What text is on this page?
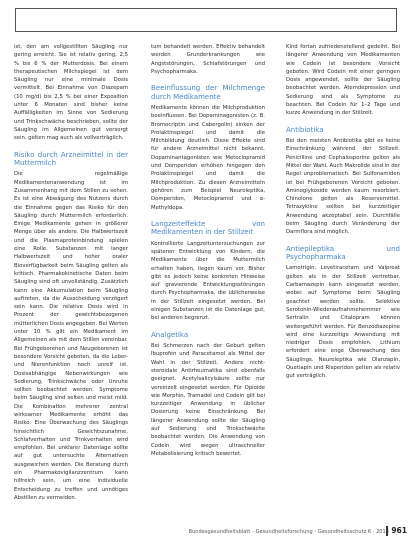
ist, den am vollgestillten Säugling nur gering erreicht. Sie ist relativ gering, 2,5 % bis 6 % der Mutterdosis. Bei einem therapeutischen Milchspiegel ist dem Säugling nur eine minimale Dosis vermittelt. Bei Einnahme von Diazepam (10 mg/d) bis 2,5 % bei einer Exposition unter 6 Monaten sind bisher keine Auffälligkeiten im Sinne von Sedierung und Trinkschwäche beschrieben, sollte der Säugling im Allgemeinen gut versorgt sein. gelten mag auch als vollverträglich.

Risiko durch Arzneimittel in der Muttermilch

Die regelmäßige Medikamentenanwendung ist im Zusammenhang mit dem Stillen zu sehen. Es ist eine Abwägung des Nutzens durch die Einnahme gegen das Risiko für den Säugling durch Muttermilch erforderlich. Einige Medikamente gehen in größerer Menge über als andere. Die Halbwertszeit und die Plasmaproteinbindung spielen eine Rolle. Substanzen mit langer Halbwertszeit und hoher oraler Bioverfügbarkeit beim Säugling gelten als kritisch. Pharmakokinetische Daten beim Säugling sind oft unvollständig. Zusätzlich kann eine Akkumulation beim Säugling auftreten, da die Ausscheidung verzögert sein kann. Die relative Dosis wird in Prozent der gewichtsbezogenen mütterlichen Dosis angegeben. Bei Werten unter 10 % gilt ein Medikament im Allgemeinen als mit dem Stillen vereinbar. Bei Frühgeborenen und Neugeborenen ist besondere Vorsicht geboten, da die Leber- und Nierenfunktion noch unreif ist. Dosisabhängige Nebenwirkungen wie Sedierung, Trinkschwäche oder Unruhe sollten beobachtet werden. Symptome beim Säugling sind selten und meist mild. Die Kombination mehrerer zentral wirksamer Medikamente erhöht das Risiko. Eine Überwachung des Säuglings hinsichtlich Gewichtszunahme, Schlafverhalten und Trinkverhalten wird empfohlen. Bei unklarer Datenlage sollte auf gut untersuchte Alternativen ausgewichen werden. Die Beratung durch ein Pharmakovigilanzzentrum kann hilfreich sein, um eine individuelle Entscheidung zu treffen und unnötiges Abstillen zu vermeiden.

tum behandelt werden. Effektiv behandelt werden Grunderkrankungen wie Angststörungen, Schlafstörungen und Psychopharmaka.

Beeinflussung der Milchmenge durch Medikamente

Medikamente können die Milchproduktion beeinflussen. Bei Dopaminagonisten (z. B. Bromocriptin und Cabergolin) sinken der Prolaktinspiegel und damit die Milchbildung deutlich. Diese Effekte sind für andere Arzneimittel nicht bekannt. Dopaminantagonisten wie Metoclopramid und Domperidon erhöhen hingegen den Prolaktinspiegel und damit die Milchproduktion. Zu diesen Arzneimitteln gehören zum Beispiel Neuroleptika, Domperidon, Metoclopramid und α-Methyldopa.

Langzeiteffekte von Medikamenten in der Stillzeit

Kontrollierte Langzeituntersuchungen zur späteren Entwicklung von Kindern, die Medikamente über die Muttermilch erhalten haben, liegen kaum vor. Bisher gibt es jedoch keine konkreten Hinweise auf gravierende Entwicklungsstörungen durch Psychopharmaka, die üblicherweise in der Stillzeit eingesetzt werden. Bei einigen Substanzen ist die Datenlage gut, bei anderen begrenzt.

Analgetika

Bei Schmerzen nach der Geburt gelten Ibuprofen und Paracetamol als Mittel der Wahl in der Stillzeit. Andere nicht-steroidale Antirheumatika sind ebenfalls geeignet. Acetylsalicylsäure sollte nur vereinzelt eingesetzt werden. Für Opioide wie Morphin, Tramadol und Codein gilt bei kurzzeitiger Anwendung in üblicher Dosierung keine Einschränkung. Bei längerer Anwendung sollte der Säugling auf Sedierung und Trinkschwäche beobachtet werden. Die Anwendung von Codein wird wegen ultraschneller Metabolisierung kritisch bewertet.

Kind fortan zufriedenstellend gedeiht. Bei längerer Anwendung von Medikamenten wie Codein ist besondere Vorsicht geboten. Wird Codein mit einer geringen Dosis angewendet, sollte der Säugling beobachtet werden. Atemdepression und Sedierung sind als Symptome zu beachten. Bei Codein für 1–2 Tage und kurze Anwendung in der Stillzeit.

Antibiotika

Bei den meisten Antibiotika gibt es keine Einschränkung während der Stillzeit. Penicilline und Cephalosporine gelten als Mittel der Wahl. Auch Makrolide sind in der Regel unproblematisch. Bei Sulfonamiden ist bei Frühgeborenen Vorsicht geboten. Aminoglykoside werden kaum resorbiert. Chinolone gelten als Reservemittel. Tetrazykline sollten bei kurzzeitiger Anwendung akzeptabel sein. Durchfälle beim Säugling durch Veränderung der Darmflora sind möglich.

Antiepileptika und Psychopharmaka

Lamotrigin, Levetiracetam und Valproat gelten als in der Stillzeit vertretbar. Carbamazepin kann eingesetzt werden, wobei auf Symptome beim Säugling geachtet werden sollte. Selektive Serotonin-Wiederaufnahmehemmer wie Sertralin und Citalopram können weitergeführt werden. Für Benzodiazepine wird eine kurzzeitige Anwendung mit niedriger Dosis empfohlen. Lithium erfordert eine enge Überwachung des Säuglings. Neuroleptika wie Olanzapin, Quetiapin und Risperidon gelten als relativ gut verträglich.

Bundesgesundheitsblatt - Gesundheitsforschung - Gesundheitsschutz 6 · 2016 961
